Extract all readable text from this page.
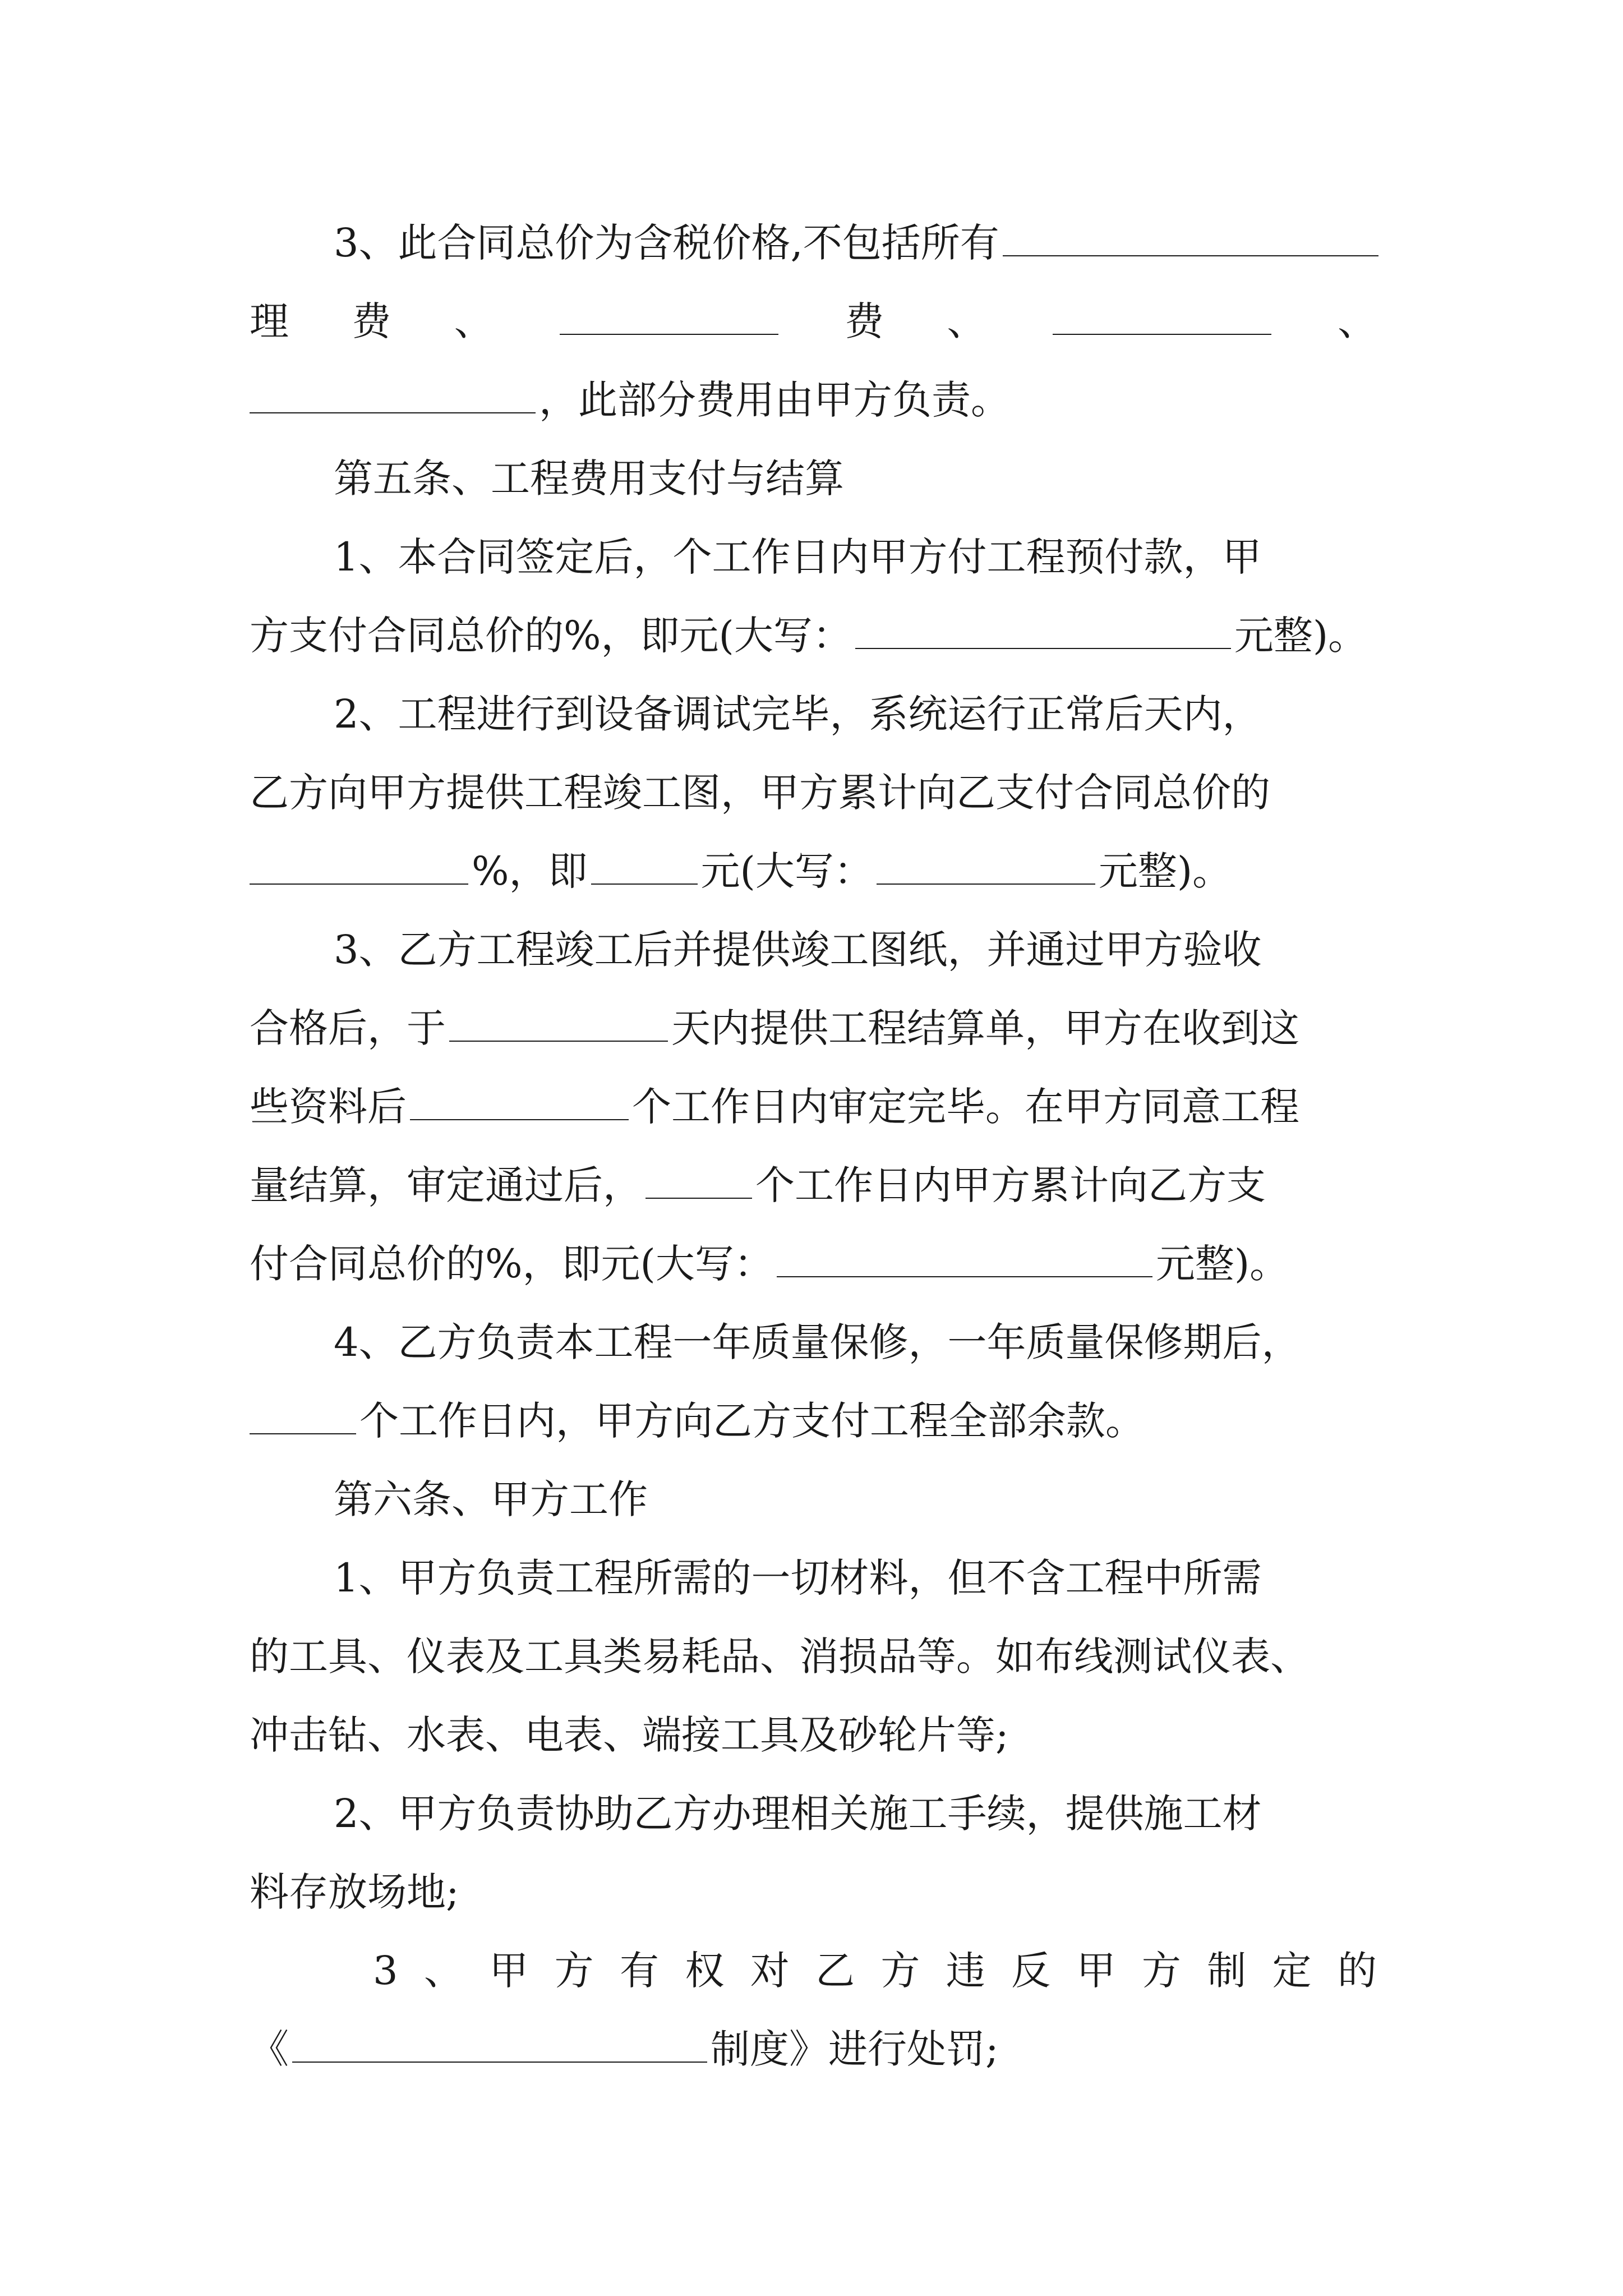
3、此合同总价为含税价格,不包括所有
理 费 、	费 、	、
，此部分费用由甲方负责。
第五条、工程费用支付与结算
1、本合同签定后，个工作日内甲方付工程预付款，甲
方支付合同总价的%，即元(大写：	元整)。
2、工程进行到设备调试完毕，系统运行正常后天内，
乙方向甲方提供工程竣工图，甲方累计向乙支付合同总价的
%，即	元(大写：	元整)。
3、乙方工程竣工后并提供竣工图纸，并通过甲方验收
合格后，于	天内提供工程结算单，甲方在收到这
些资料后	个工作日内审定完毕。在甲方同意工程
量结算，审定通过后，	个工作日内甲方累计向乙方支
付合同总价的%，即元(大写：	元整)。
4、乙方负责本工程一年质量保修，一年质量保修期后，
个工作日内，甲方向乙方支付工程全部余款。
第六条、甲方工作
1、甲方负责工程所需的一切材料，但不含工程中所需
的工具、仪表及工具类易耗品、消损品等。如布线测试仪表、
冲击钻、水表、电表、端接工具及砂轮片等;
2、甲方负责协助乙方办理相关施工手续，提供施工材
料存放场地;
3 、 甲 方 有 权 对 乙 方 违 反 甲 方 制 定 的
《	制度》进行处罚;
